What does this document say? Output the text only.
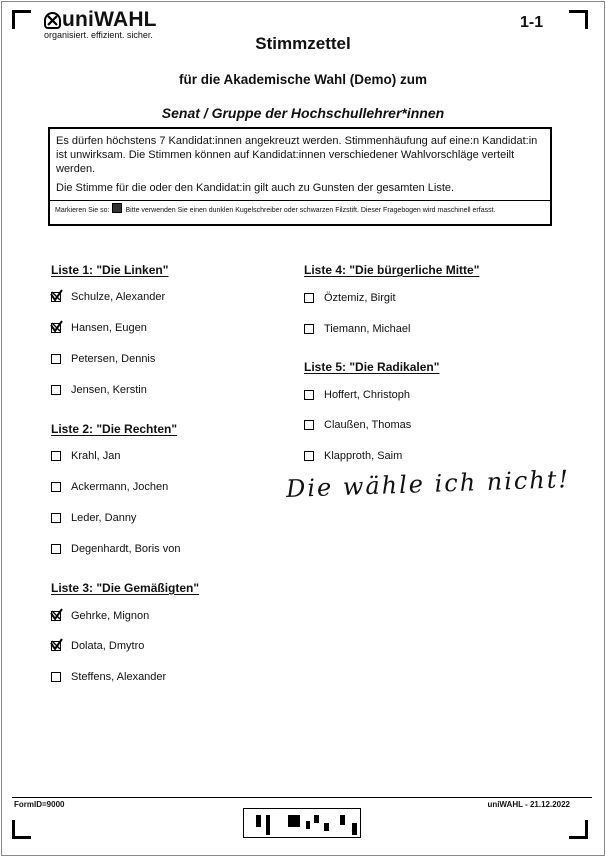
uniWAHL
organisiert. effizient. sicher.
1-1
Stimmzettel
für die Akademische Wahl (Demo) zum
Senat / Gruppe der Hochschullehrer*innen

Es dürfen höchstens 7 Kandidat:innen angekreuzt werden. Stimmenhäufung auf eine:n Kandidat:in ist unwirksam. Die Stimmen können auf Kandidat:innen verschiedener Wahlvorschläge verteilt werden.

Die Stimme für die oder den Kandidat:in gilt auch zu Gunsten der gesamten Liste.

Markieren Sie so: Bitte verwenden Sie einen dunklen Kugelschreiber oder schwarzen Filzstift. Dieser Fragebogen wird maschinell erfasst.
Liste 1: "Die Linken"
Schulze, Alexander
Hansen, Eugen
Petersen, Dennis
Jensen, Kerstin
Liste 2: "Die Rechten"
Krahl, Jan
Ackermann, Jochen
Leder, Danny
Degenhardt, Boris von
Liste 3: "Die Gemäßigten"
Gehrke, Mignon
Dolata, Dmytro
Steffens, Alexander
Liste 4: "Die bürgerliche Mitte"
Öztemiz, Birgit
Tiemann, Michael
Liste 5: "Die Radikalen"
Hoffert, Christoph
Claußen, Thomas
Klapproth, Saim
Die wähle ich nicht!
FormID=9000	uniWAHL - 21.12.2022
